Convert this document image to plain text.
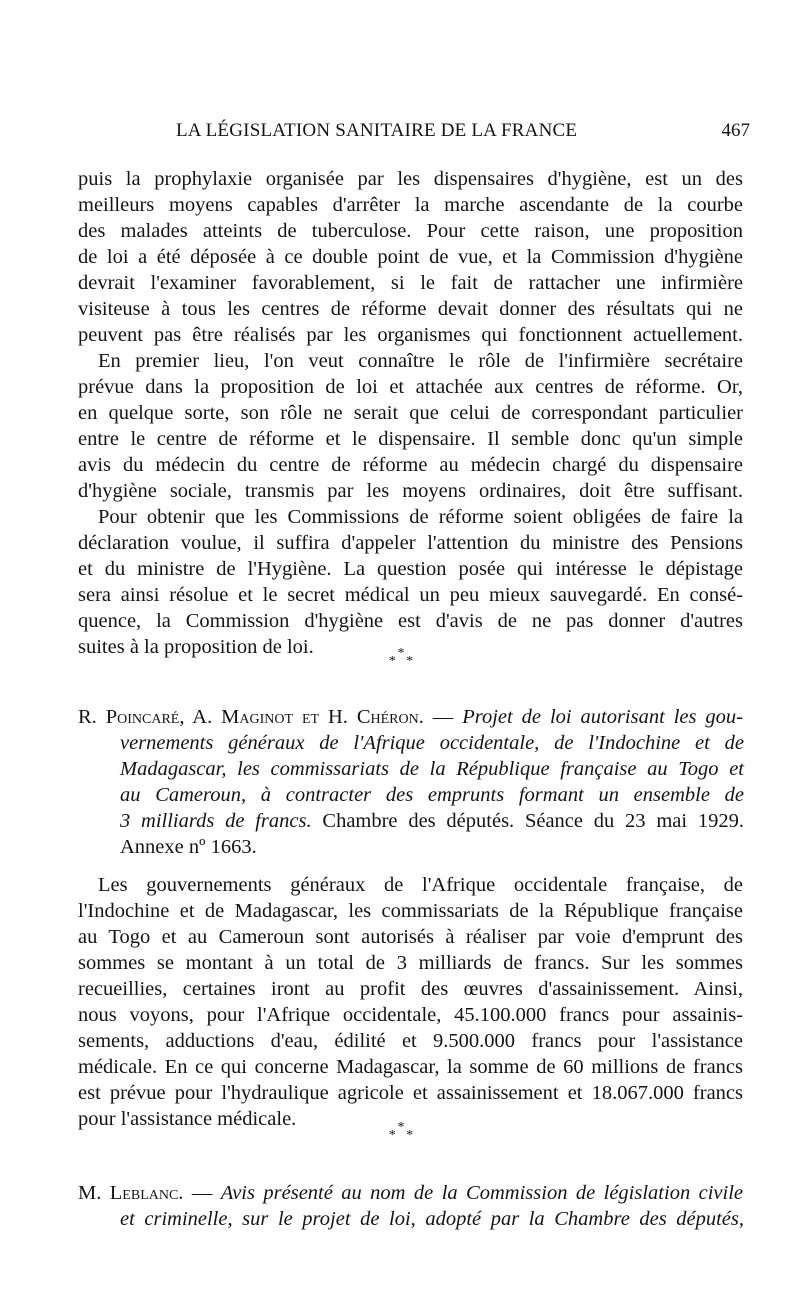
LA LÉGISLATION SANITAIRE DE LA FRANCE	467
puis la prophylaxie organisée par les dispensaires d'hygiène, est un des
meilleurs moyens capables d'arrêter la marche ascendante de la courbe
des malades atteints de tuberculose. Pour cette raison, une proposition
de loi a été déposée à ce double point de vue, et la Commission d'hygiène
devrait l'examiner favorablement, si le fait de rattacher une infirmière
visiteuse à tous les centres de réforme devait donner des résultats qui ne
peuvent pas être réalisés par les organismes qui fonctionnent actuellement.
En premier lieu, l'on veut connaître le rôle de l'infirmière secrétaire
prévue dans la proposition de loi et attachée aux centres de réforme. Or,
en quelque sorte, son rôle ne serait que celui de correspondant particulier
entre le centre de réforme et le dispensaire. Il semble donc qu'un simple
avis du médecin du centre de réforme au médecin chargé du dispensaire
d'hygiène sociale, transmis par les moyens ordinaires, doit être suffisant.
Pour obtenir que les Commissions de réforme soient obligées de faire la
déclaration voulue, il suffira d'appeler l'attention du ministre des Pensions
et du ministre de l'Hygiène. La question posée qui intéresse le dépistage
sera ainsi résolue et le secret médical un peu mieux sauvegardé. En consé-
quence, la Commission d'hygiène est d'avis de ne pas donner d'autres
suites à la proposition de loi.	*
* *
R. Poincaré, A. Maginot et H. Chéron. — Projet de loi autorisant les gou-
vernements généraux de l'Afrique occidentale, de l'Indochine et de
Madagascar, les commissariats de la République française au Togo et
au Cameroun, à contracter des emprunts formant un ensemble de
3 milliards de francs. Chambre des députés. Séance du 23 mai 1929.
Annexe nº 1663.
Les gouvernements généraux de l'Afrique occidentale française, de
l'Indochine et de Madagascar, les commissariats de la République française
au Togo et au Cameroun sont autorisés à réaliser par voie d'emprunt des
sommes se montant à un total de 3 milliards de francs. Sur les sommes
recueillies, certaines iront au profit des œuvres d'assainissement. Ainsi,
nous voyons, pour l'Afrique occidentale, 45.100.000 francs pour assainis-
sements, adductions d'eau, édilité et 9.500.000 francs pour l'assistance
médicale. En ce qui concerne Madagascar, la somme de 60 millions de francs
est prévue pour l'hydraulique agricole et assainissement et 18.067.000 francs
pour l'assistance médicale.	*
* *
M. Leblanc. — Avis présenté au nom de la Commission de législation civile
et criminelle, sur le projet de loi, adopté par la Chambre des députés,
